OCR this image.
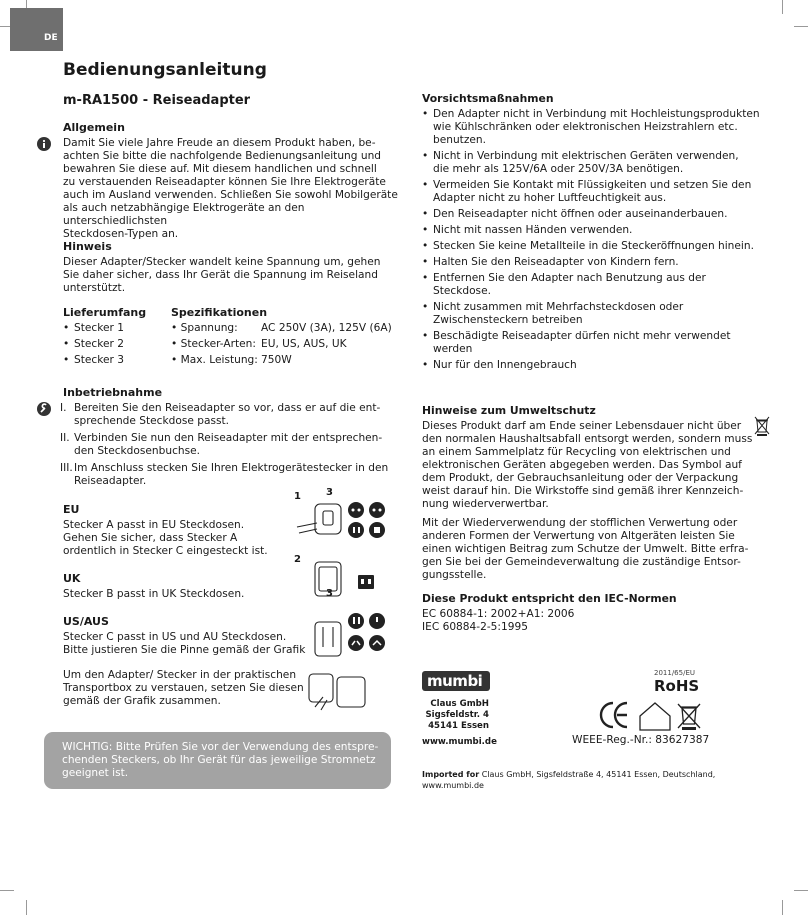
DE
Bedienungsanleitung
m-RA1500 - Reiseadapter
Allgemein

Damit Sie viele Jahre Freude an diesem Produkt haben, be-
achten Sie bitte die nachfolgende Bedienungsanleitung und
bewahren Sie diese auf. Mit diesem handlichen und schnell
zu verstauenden Reiseadapter können Sie Ihre Elektrogeräte
auch im Ausland verwenden. Schließen Sie sowohl Mobilgeräte
als auch netzabhängige Elektrogeräte an den unterschiedlichsten
Steckdosen-Typen an.

Hinweis

Dieser Adapter/Stecker wandelt keine Spannung um, gehen
Sie daher sicher, dass Ihr Gerät die Spannung im Reiseland
unterstützt.

Lieferumfang
• Stecker 1
• Stecker 2
• Stecker 3
Spezifikationen
• Spannung:	AC 250V (3A), 125V (6A)
• Stecker-Arten:	EU, US, AUS, UK
• Max. Leistung:	750W
Inbetriebnahme
I. Bereiten Sie den Reiseadapter so vor, dass er auf die ent-
sprechende Steckdose passt.
II. Verbinden Sie nun den Reiseadapter mit der entsprechen-
den Steckdosenbuchse.
III. Im Anschluss stecken Sie Ihren Elektrogerätestecker in den
Reiseadapter.
EU

Stecker A passt in EU Steckdosen.
Gehen Sie sicher, dass Stecker A
ordentlich in Stecker C eingesteckt ist.

UK

Stecker B passt in UK Steckdosen.

US/AUS

Stecker C passt in US und AU Steckdosen.
Bitte justieren Sie die Pinne gemäß der Grafik

Um den Adapter/ Stecker in der praktischen
Transportbox zu verstauen, setzen Sie diesen
gemäß der Grafik zusammen.

1	3
2
3

WICHTIG: Bitte Prüfen Sie vor der Verwendung des entspre-
chenden Steckers, ob Ihr Gerät für das jeweilige Stromnetz
geeignet ist.

Vorsichtsmaßnahmen
• Den Adapter nicht in Verbindung mit Hochleistungsprodukten
wie Kühlschränken oder elektronischen Heizstrahlern etc.
benutzen.
• Nicht in Verbindung mit elektrischen Geräten verwenden,
die mehr als 125V/6A oder 250V/3A benötigen.
• Vermeiden Sie Kontakt mit Flüssigkeiten und setzen Sie den
Adapter nicht zu hoher Luftfeuchtigkeit aus.
• Den Reiseadapter nicht öffnen oder auseinanderbauen.
• Nicht mit nassen Händen verwenden.
• Stecken Sie keine Metallteile in die Steckeröffnungen hinein.
• Halten Sie den Reiseadapter von Kindern fern.
• Entfernen Sie den Adapter nach Benutzung aus der Steckdose.
• Nicht zusammen mit Mehrfachsteckdosen oder
Zwischensteckern betreiben
• Beschädigte Reiseadapter dürfen nicht mehr verwendet
werden
• Nur für den Innengebrauch
Hinweise zum Umweltschutz

Dieses Produkt darf am Ende seiner Lebensdauer nicht über
den normalen Haushaltsabfall entsorgt werden, sondern muss
an einem Sammelplatz für Recycling von elektrischen und
elektronischen Geräten abgegeben werden. Das Symbol auf
dem Produkt, der Gebrauchsanleitung oder der Verpackung
weist darauf hin. Die Wirkstoffe sind gemäß ihrer Kennzeich-
nung wiederverwertbar.

Mit der Wiederverwendung der stofflichen Verwertung oder
anderen Formen der Verwertung von Altgeräten leisten Sie
einen wichtigen Beitrag zum Schutze der Umwelt. Bitte erfra-
gen Sie bei der Gemeindeverwaltung die zuständige Entsor-
gungsstelle.

Diese Produkt entspricht den IEC-Normen

EC 60884-1: 2002+A1: 2006
IEC 60884-2-5:1995

mumbi
Claus GmbH
Sigsfeldstr. 4
45141 Essen
www.mumbi.de
2011/65/EU
RoHS
WEEE-Reg.-Nr.: 83627387
Imported for Claus GmbH, Sigsfeldstraße 4, 45141 Essen, Deutschland,
www.mumbi.de
